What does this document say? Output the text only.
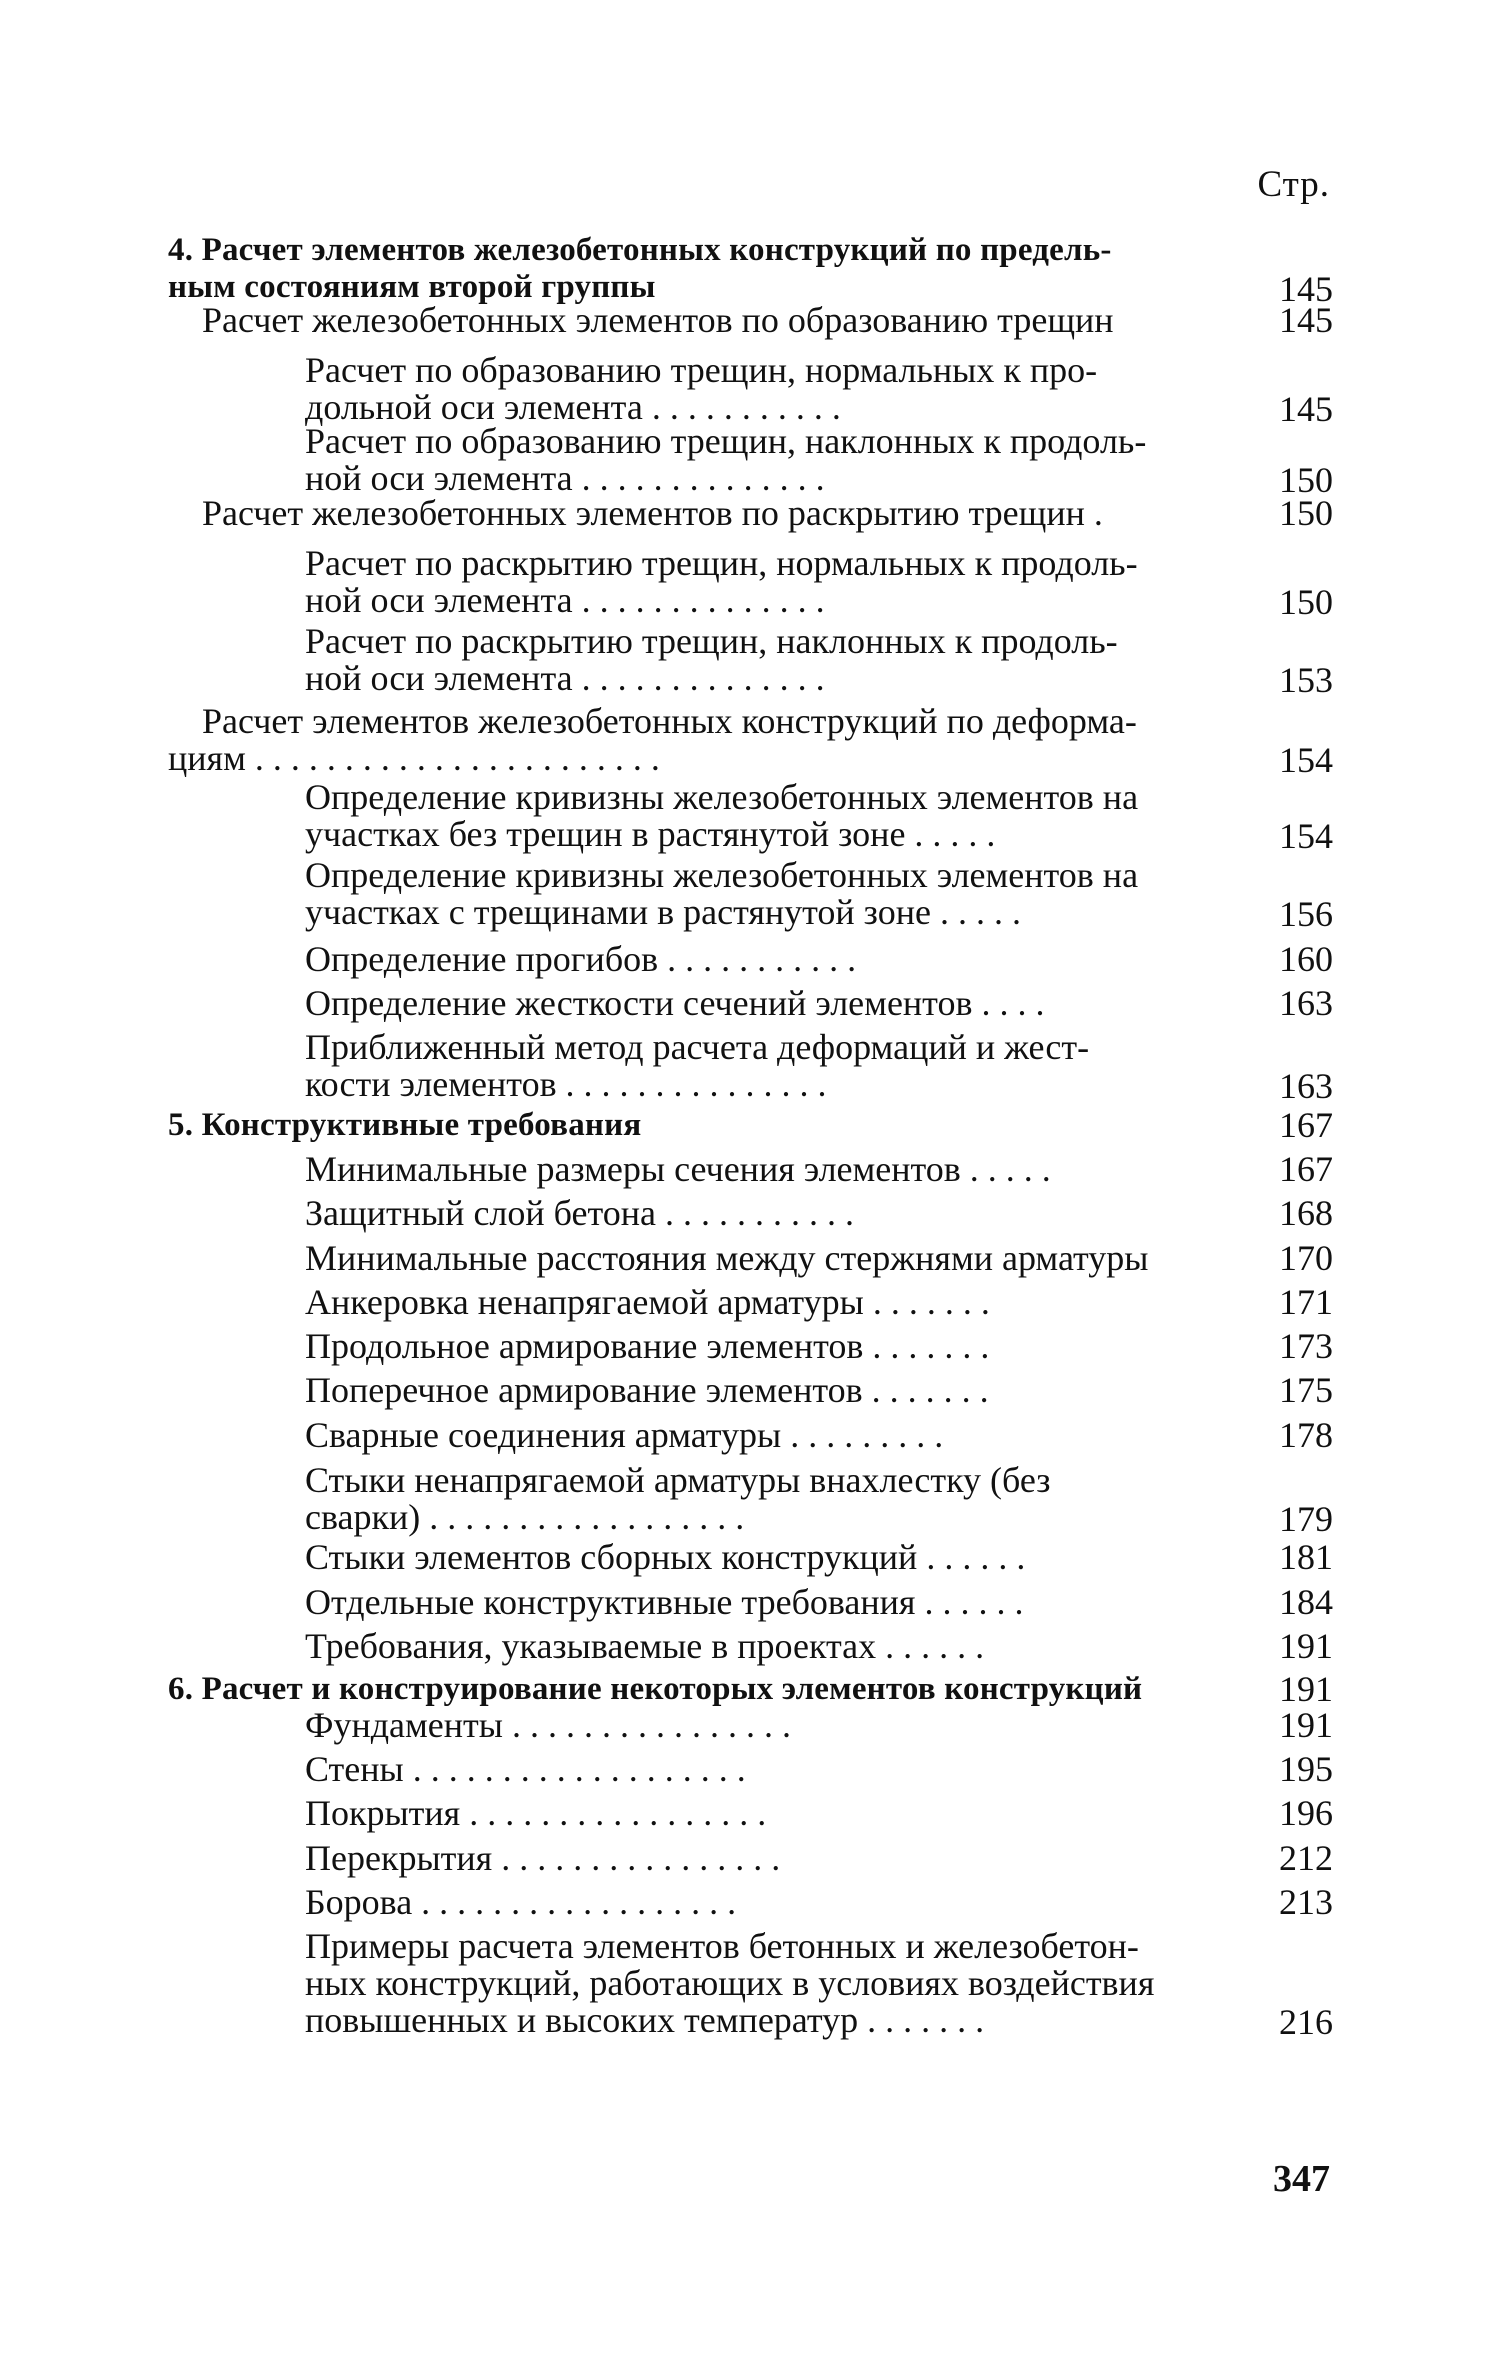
Стр.
4. Расчет элементов железобетонных конструкций по предель-
ным состояниям второй группы	145
Расчет железобетонных элементов по образованию трещин	145
Расчет по образованию трещин, нормальных к про-
дольной оси элемента . . . . . . . . . . .	145
Расчет по образованию трещин, наклонных к продоль-
ной оси элемента . . . . . . . . . . . . . .	150
Расчет железобетонных элементов по раскрытию трещин .	150
Расчет по раскрытию трещин, нормальных к продоль-
ной оси элемента . . . . . . . . . . . . . .	150
Расчет по раскрытию трещин, наклонных к продоль-
ной оси элемента . . . . . . . . . . . . . .	153
Расчет элементов железобетонных конструкций по деформа-
циям . . . . . . . . . . . . . . . . . . . . . . .	154
Определение кривизны железобетонных элементов на
участках без трещин в растянутой зоне . . . . .	154
Определение кривизны железобетонных элементов на
участках с трещинами в растянутой зоне . . . . .	156
Определение прогибов . . . . . . . . . . .	160
Определение жесткости сечений элементов . . . .	163
Приближенный метод расчета деформаций и жест-
кости элементов . . . . . . . . . . . . . . .	163
5. Конструктивные требования	167
Минимальные размеры сечения элементов . . . . .	167
Защитный слой бетона . . . . . . . . . . .	168
Минимальные расстояния между стержнями арматуры	170
Анкеровка ненапрягаемой арматуры . . . . . . .	171
Продольное армирование элементов . . . . . . .	173
Поперечное армирование элементов . . . . . . .	175
Сварные соединения арматуры . . . . . . . . .	178
Стыки ненапрягаемой арматуры внахлестку (без
сварки) . . . . . . . . . . . . . . . . . .	179
Стыки элементов сборных конструкций . . . . . .	181
Отдельные конструктивные требования . . . . . .	184
Требования, указываемые в проектах . . . . . .	191
6. Расчет и конструирование некоторых элементов конструкций	191
Фундаменты . . . . . . . . . . . . . . . .	191
Стены . . . . . . . . . . . . . . . . . . .	195
Покрытия . . . . . . . . . . . . . . . . .	196
Перекрытия . . . . . . . . . . . . . . . .	212
Борова . . . . . . . . . . . . . . . . . .	213
Примеры расчета элементов бетонных и железобетон-
ных конструкций, работающих в условиях воздействия
повышенных и высоких температур . . . . . . .	216
347
